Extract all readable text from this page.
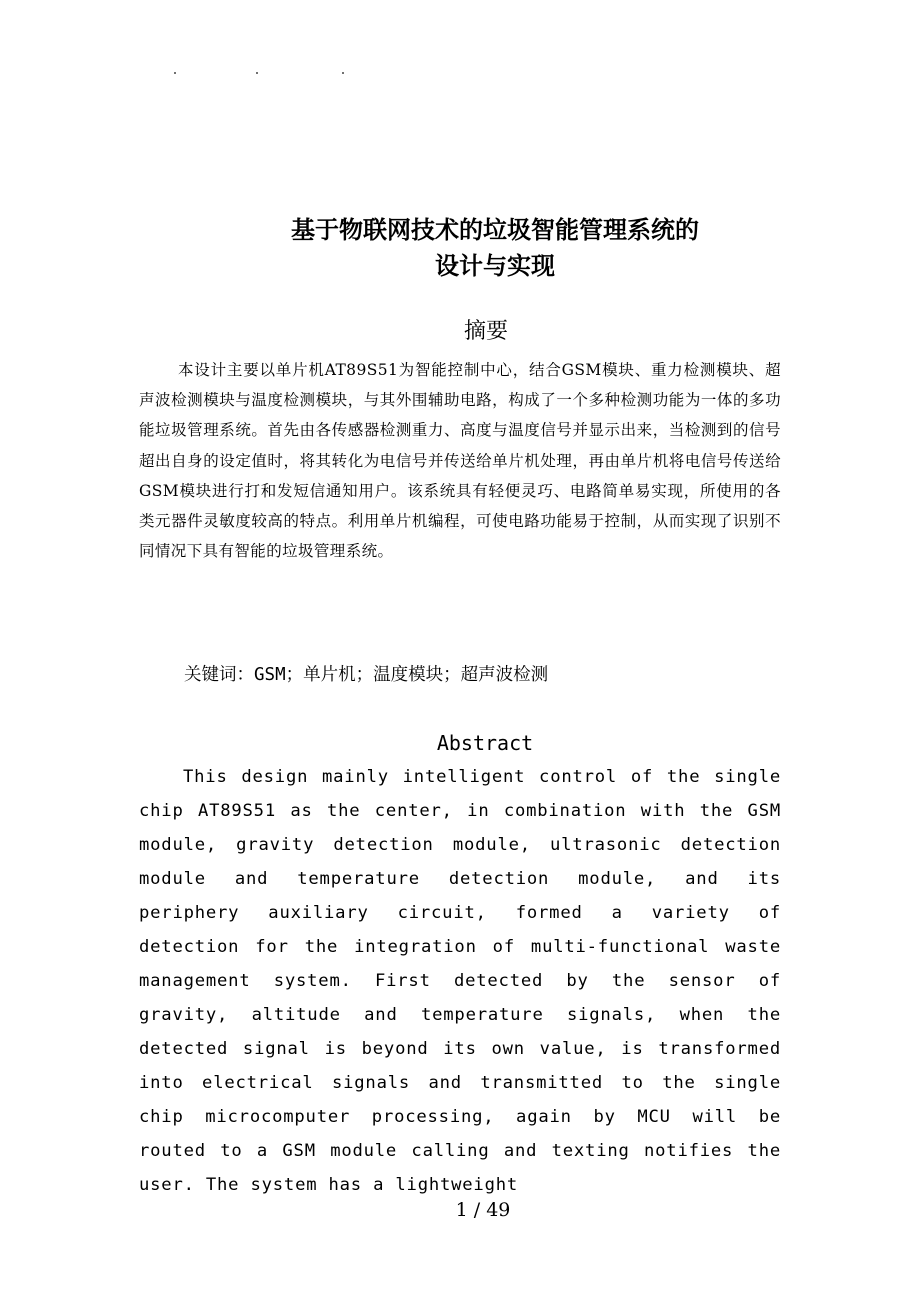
基于物联网技术的垃圾智能管理系统的
设计与实现
摘要

本设计主要以单片机AT89S51为智能控制中心，结合GSM模块、重力检测模块、超声波检测模块与温度检测模块，与其外围辅助电路，构成了一个多种检测功能为一体的多功能垃圾管理系统。首先由各传感器检测重力、高度与温度信号并显示出来，当检测到的信号超出自身的设定值时，将其转化为电信号并传送给单片机处理，再由单片机将电信号传送给GSM模块进行打和发短信通知用户。该系统具有轻便灵巧、电路简单易实现，所使用的各类元器件灵敏度较高的特点。利用单片机编程，可使电路功能易于控制，从而实现了识别不同情况下具有智能的垃圾管理系统。

关键词：GSM；单片机；温度模块；超声波检测
Abstract

This design mainly intelligent control of the single chip AT89S51 as the center, in combination with the GSM module, gravity detection module, ultrasonic detection module and temperature detection module, and its periphery auxiliary circuit, formed a variety of detection for the integration of multi-functional waste management system. First detected by the sensor of gravity, altitude and temperature signals, when the detected signal is beyond its own value, is transformed into electrical signals and transmitted to the single chip microcomputer processing, again by MCU will be routed to a GSM module calling and texting notifies the user. The system has a lightweight

1 / 49
